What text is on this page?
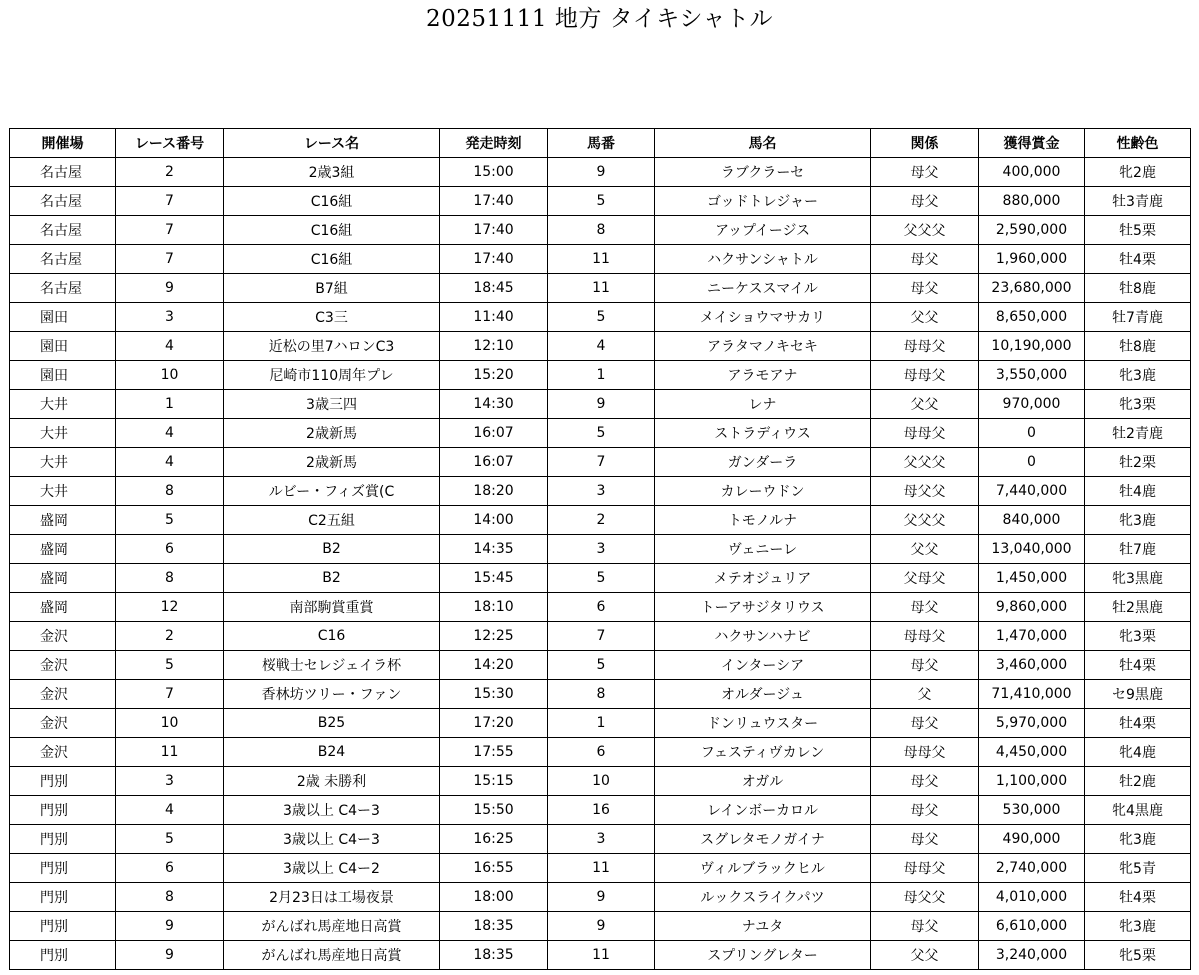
20251111 地方 タイキシャトル
開催場	レース番号	レース名	発走時刻	馬番	馬名	関係	獲得賞金	性齢色
名古屋	2	2歳3組	15:00	9	ラブクラーセ	母父	400,000	牝2鹿
名古屋	7	C16組	17:40	5	ゴッドトレジャー	母父	880,000	牡3青鹿
名古屋	7	C16組	17:40	8	アップイージス	父父父	2,590,000	牡5栗
名古屋	7	C16組	17:40	11	ハクサンシャトル	母父	1,960,000	牡4栗
名古屋	9	B7組	18:45	11	ニーケススマイル	母父	23,680,000	牡8鹿
園田	3	C3三	11:40	5	メイショウマサカリ	父父	8,650,000	牡7青鹿
園田	4	近松の里7ハロンC3	12:10	4	アラタマノキセキ	母母父	10,190,000	牡8鹿
園田	10	尼崎市110周年プレ	15:20	1	アラモアナ	母母父	3,550,000	牝3鹿
大井	1	3歳三四	14:30	9	レナ	父父	970,000	牝3栗
大井	4	2歳新馬	16:07	5	ストラディウス	母母父	0	牡2青鹿
大井	4	2歳新馬	16:07	7	ガンダーラ	父父父	0	牡2栗
大井	8	ルビー・フィズ賞(C	18:20	3	カレーウドン	母父父	7,440,000	牡4鹿
盛岡	5	C2五組	14:00	2	トモノルナ	父父父	840,000	牝3鹿
盛岡	6	B2	14:35	3	ヴェニーレ	父父	13,040,000	牡7鹿
盛岡	8	B2	15:45	5	メテオジュリア	父母父	1,450,000	牝3黒鹿
盛岡	12	南部駒賞重賞	18:10	6	トーアサジタリウス	母父	9,860,000	牡2黒鹿
金沢	2	C16	12:25	7	ハクサンハナビ	母母父	1,470,000	牝3栗
金沢	5	桜戦士セレジェイラ杯	14:20	5	インターシア	母父	3,460,000	牡4栗
金沢	7	香林坊ツリー・ファン	15:30	8	オルダージュ	父	71,410,000	セ9黒鹿
金沢	10	B25	17:20	1	ドンリュウスター	母父	5,970,000	牡4栗
金沢	11	B24	17:55	6	フェスティヴカレン	母母父	4,450,000	牝4鹿
門別	3	2歳 未勝利	15:15	10	オガル	母父	1,100,000	牡2鹿
門別	4	3歳以上 C4ー3	15:50	16	レインボーカロル	母父	530,000	牝4黒鹿
門別	5	3歳以上 C4ー3	16:25	3	スグレタモノガイナ	母父	490,000	牝3鹿
門別	6	3歳以上 C4ー2	16:55	11	ヴィルブラックヒル	母母父	2,740,000	牝5青
門別	8	2月23日は工場夜景	18:00	9	ルックスライクパツ	母父父	4,010,000	牡4栗
門別	9	がんばれ馬産地日高賞	18:35	9	ナユタ	母父	6,610,000	牝3鹿
門別	9	がんばれ馬産地日高賞	18:35	11	スプリングレター	父父	3,240,000	牝5栗
